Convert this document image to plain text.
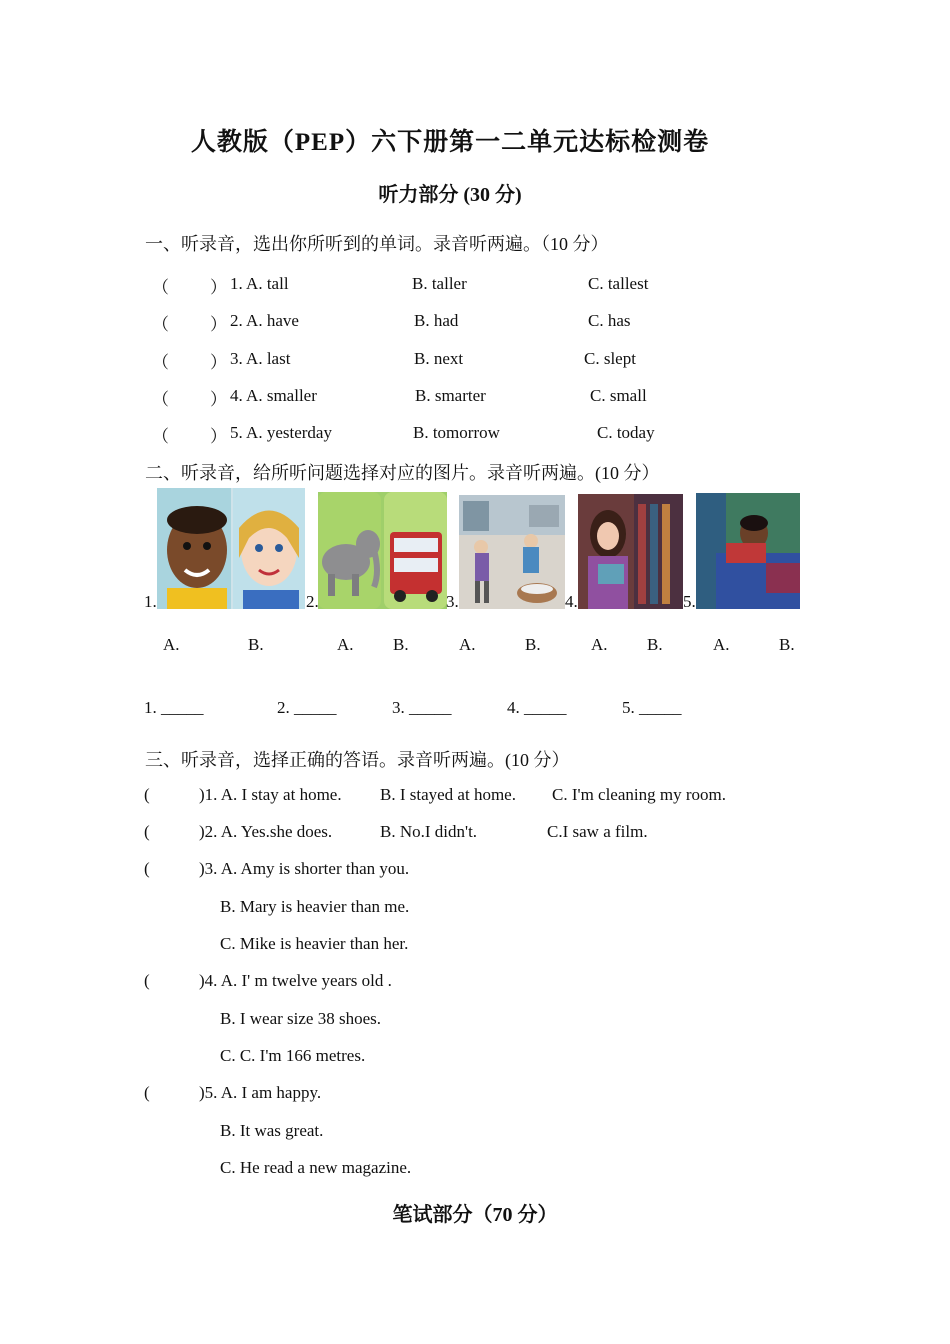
人教版（PEP）六下册第一二单元达标检测卷
听力部分 (30 分)
一、听录音，选出你所听到的单词。录音听两遍。（10 分）
（ ） 1. A. tall	B. taller	C. tallest
（ ） 2. A. have	B. had	C. has
（ ） 3. A. last	B. next	C. slept
（ ） 4. A. smaller	B. smarter	C. small
（ ） 5. A. yesterday	B. tomorrow	C. today
二、听录音，给所听问题选择对应的图片。录音听两遍。(10 分）
1.	2.	3.	4.	5.
A.	B.	A. B.	A.	B.	A. B.	A.	B.
1. _____	2. _____	3. _____	4. _____	5. _____
三、听录音，选择正确的答语。录音听两遍。(10 分）
(	)1. A. I stay at home. B. I stayed at home. C. I'm cleaning my room.
(	)2. A. Yes.she does.	B. No.I didn't.	C.I saw a film.
(	)3. A. Amy is shorter than you.
B. Mary is heavier than me.
C. Mike is heavier than her.
(	)4. A. I' m twelve years old .
B. I wear size 38 shoes.
C. C. I'm 166 metres.
(	)5. A. I am happy.
B. It was great.
C. He read a new magazine.
笔试部分（70 分）
